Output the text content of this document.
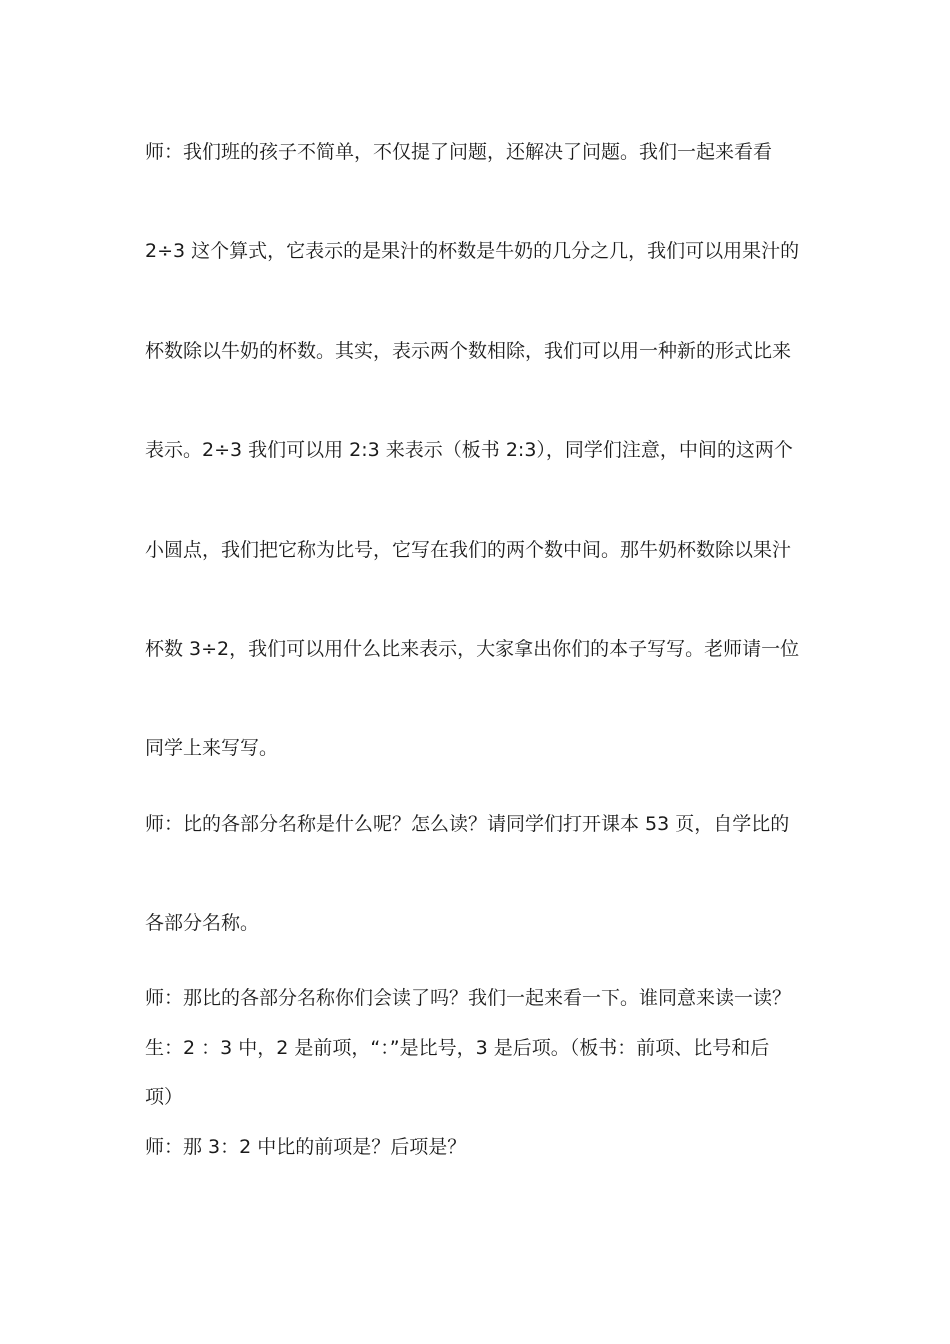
师：我们班的孩子不简单，不仅提了问题，还解决了问题。我们一起来看看
2÷3 这个算式，它表示的是果汁的杯数是牛奶的几分之几，我们可以用果汁的
杯数除以牛奶的杯数。其实，表示两个数相除，我们可以用一种新的形式比来
表示。2÷3 我们可以用 2:3 来表示（板书 2:3），同学们注意，中间的这两个
小圆点，我们把它称为比号，它写在我们的两个数中间。那牛奶杯数除以果汁
杯数 3÷2，我们可以用什么比来表示，大家拿出你们的本子写写。老师请一位
同学上来写写。
师：比的各部分名称是什么呢？怎么读？请同学们打开课本 53 页，自学比的
各部分名称。
师：那比的各部分名称你们会读了吗？我们一起来看一下。谁同意来读一读？
生：2 ：3 中，2 是前项，“：”是比号，3 是后项。（板书：前项、比号和后
项）
师：那 3：2 中比的前项是？后项是？
